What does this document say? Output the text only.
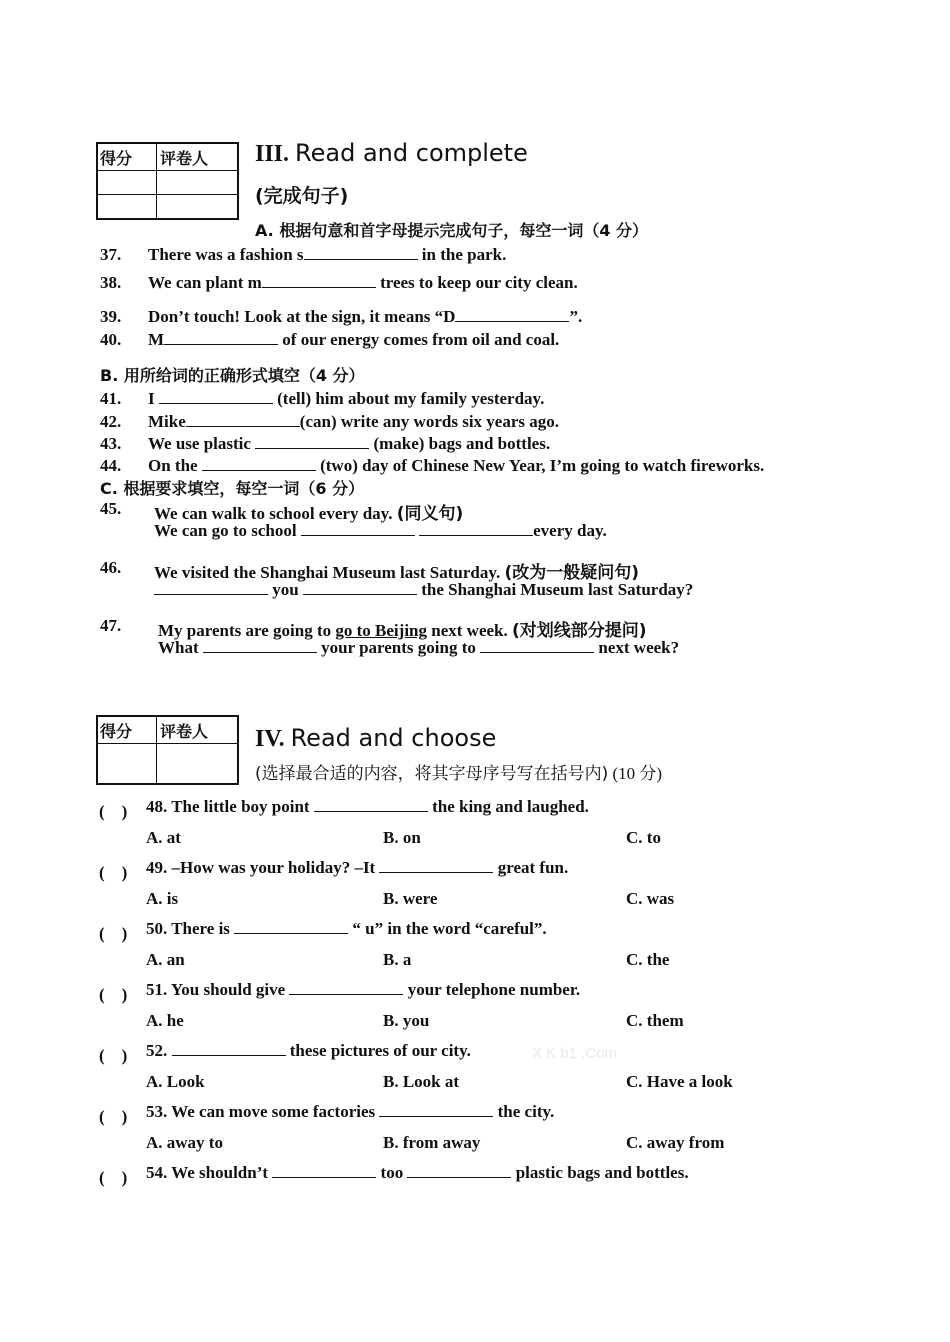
得分 评卷人 III. Read and complete
(完成句子)
A. 根据句意和首字母提示完成句子，每空一词（4 分）
37. There was a fashion s	in the park.
38. We can plant m	trees to keep our city clean.
39. Don’t touch! Look at the sign, it means “D	”.
40. M	of our energy comes from oil and coal.
B. 用所给词的正确形式填空（4 分）
41. I	(tell) him about my family yesterday.
42. Mike	(can) write any words six years ago.
43. We use plastic	(make) bags and bottles.
44. On the	(two) day of Chinese New Year, I’m going to watch fireworks.
C. 根据要求填空，每空一词（6 分）
45. We can walk to school every day. (同义句)
We can go to school	every day.
46. We visited the Shanghai Museum last Saturday. (改为一般疑问句)
you	the Shanghai Museum last Saturday?
47. My parents are going to go to Beijing next week. (对划线部分提问)
What	your parents going to	next week?
得分 评卷人 IV. Read and choose
(选择最合适的内容，将其字母序号写在括号内) (10 分)
(　) 48. The little boy point	the king and laughed.
A. at	B. on	C. to
(　) 49. –How was your holiday? –It	great fun.
A. is	B. were	C. was
(　) 50. There is	“ u” in the word “careful”.
A. an	B. a	C. the
(　) 51. You should give	your telephone number.
A. he	B. you	C. them
(　) 52.	these pictures of our city.
A. Look	B. Look at	C. Have a look
(　) 53. We can move some factories	the city.
A. away to	B. from away	C. away from
(　) 54. We shouldn’t	too	plastic bags and bottles.
X K b1 .Com
